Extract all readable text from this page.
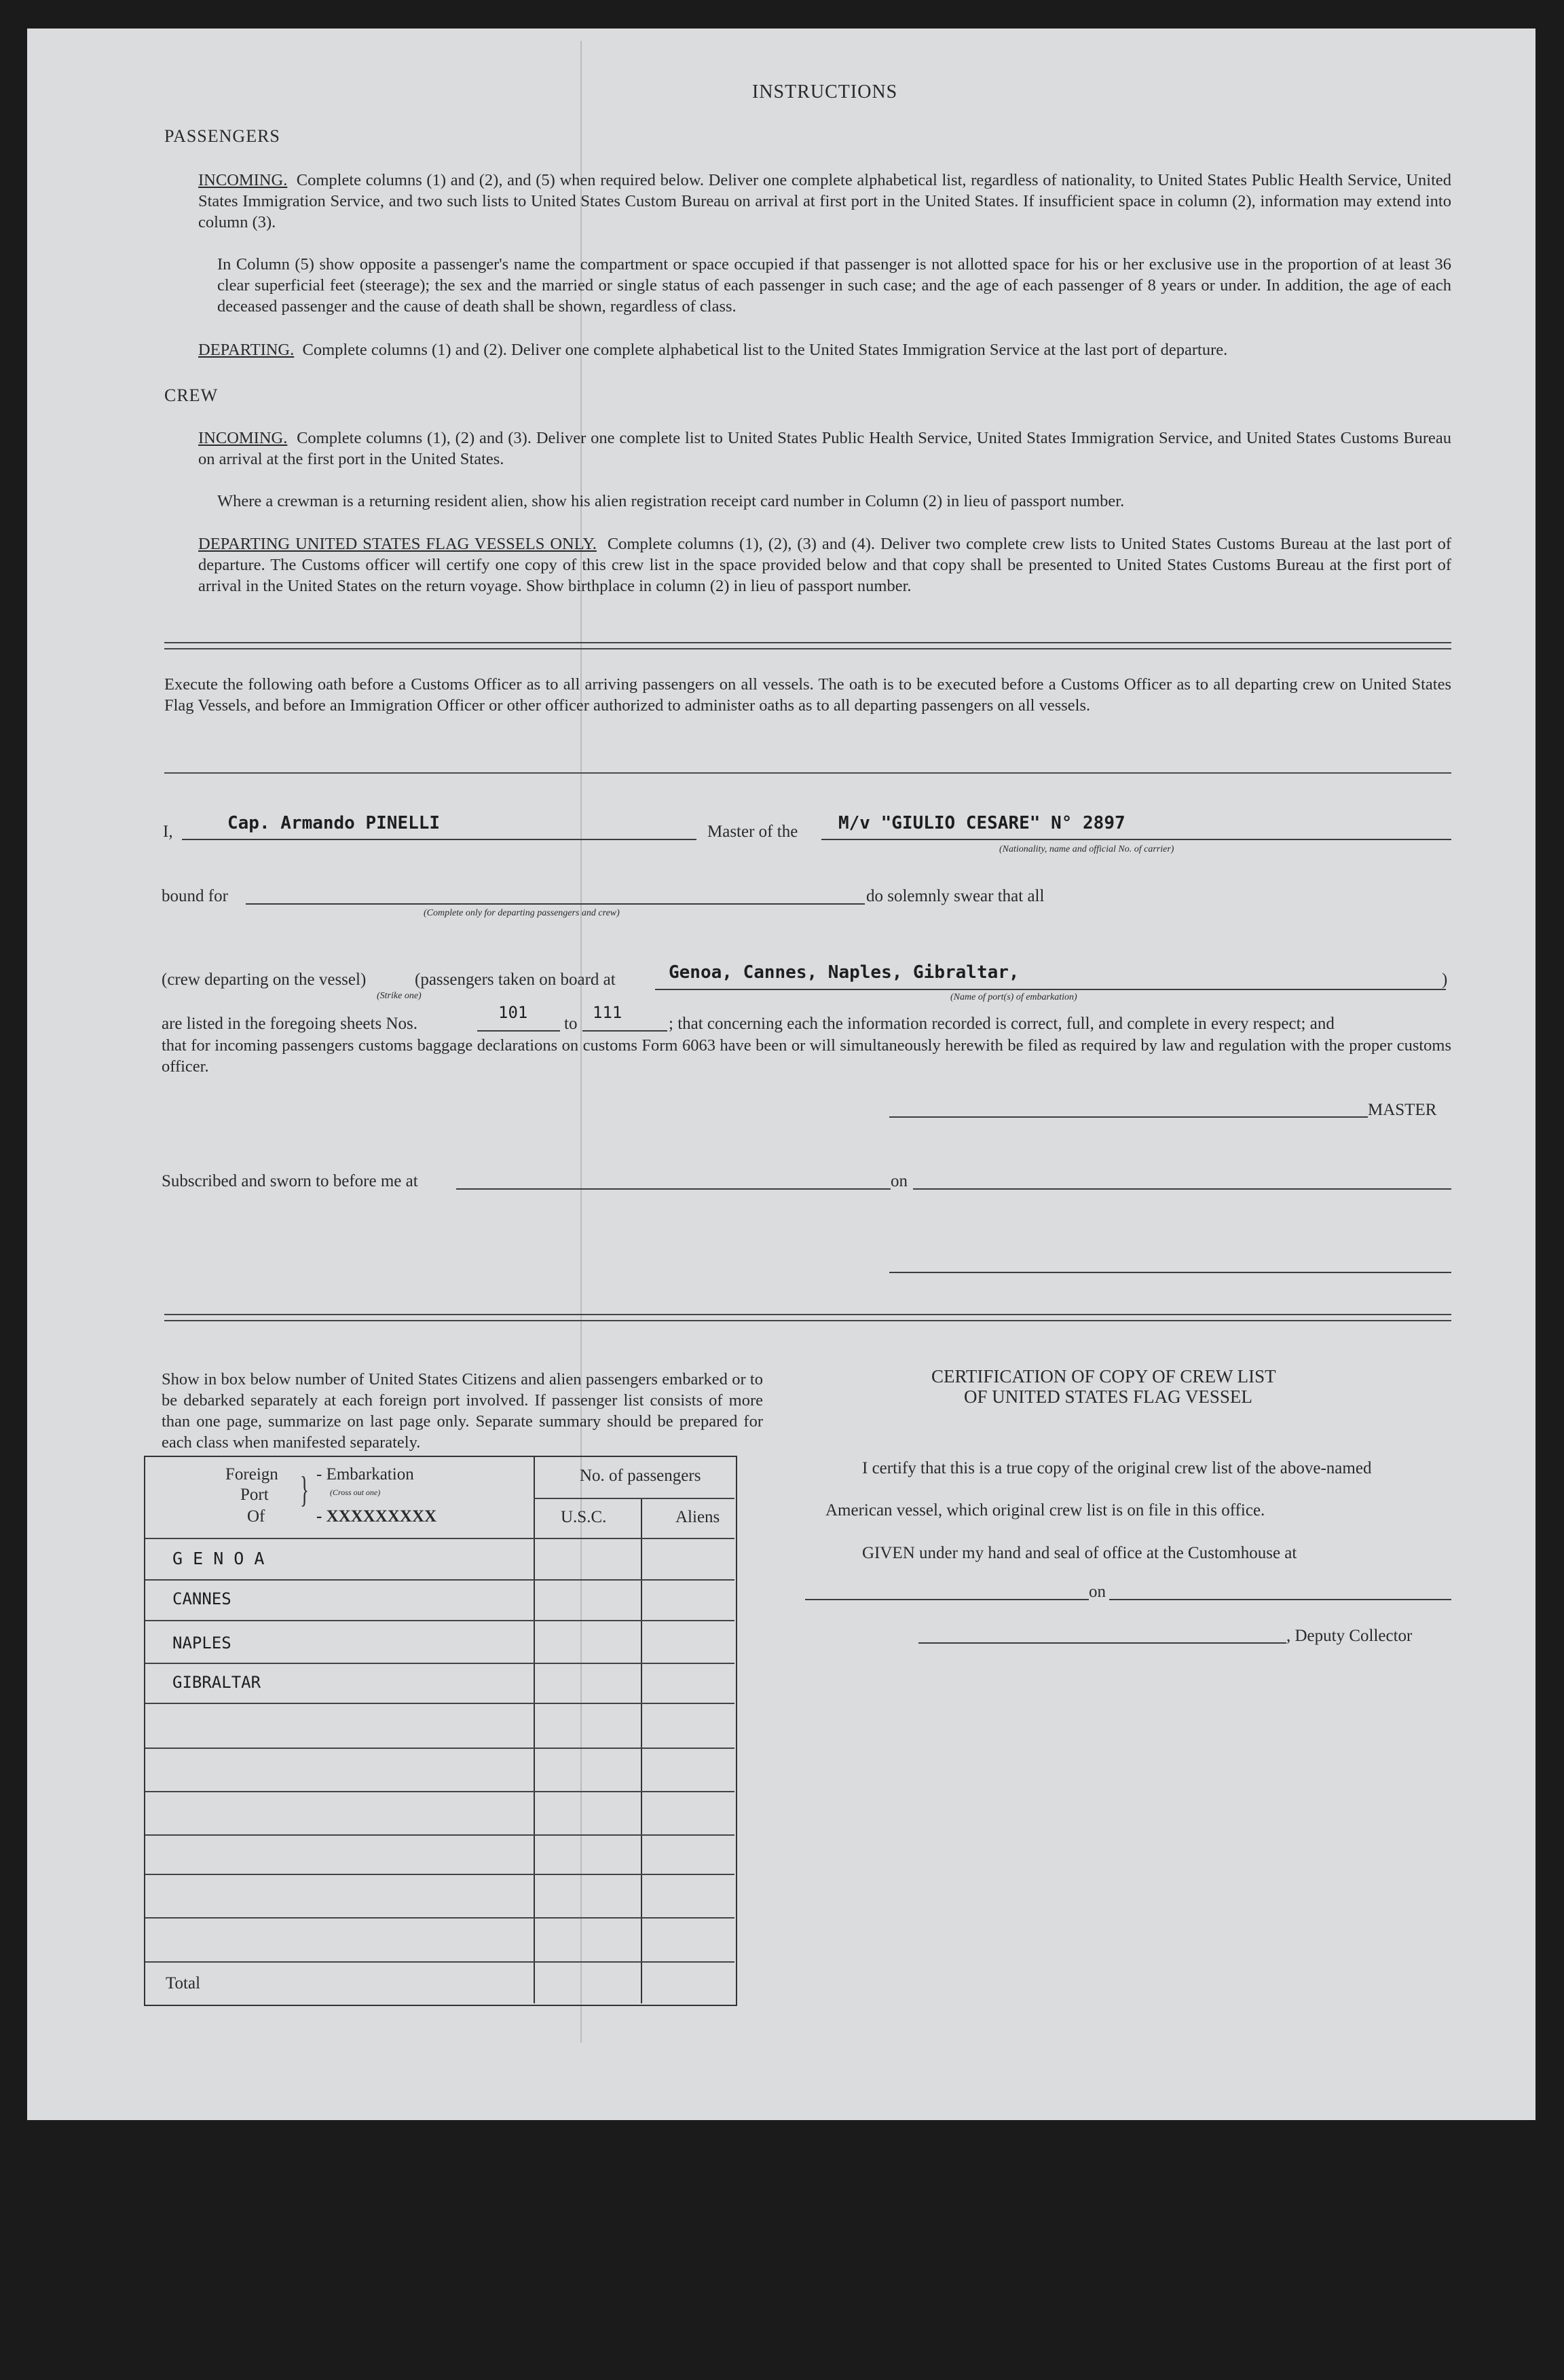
INSTRUCTIONS
PASSENGERS
INCOMING. Complete columns (1) and (2), and (5) when required below. Deliver one complete alphabetical list, regardless of nationality, to United States Public Health Service, United States Immigration Service, and two such lists to United States Custom Bureau on arrival at first port in the United States. If insufficient space in column (2), information may extend into column (3).
In Column (5) show opposite a passenger's name the compartment or space occupied if that passenger is not allotted space for his or her exclusive use in the proportion of at least 36 clear superficial feet (steerage); the sex and the married or single status of each passenger in such case; and the age of each passenger of 8 years or under. In addition, the age of each deceased passenger and the cause of death shall be shown, regardless of class.
DEPARTING. Complete columns (1) and (2). Deliver one complete alphabetical list to the United States Immigration Service at the last port of departure.
CREW
INCOMING. Complete columns (1), (2) and (3). Deliver one complete list to United States Public Health Service, United States Immigration Service, and United States Customs Bureau on arrival at the first port in the United States.
Where a crewman is a returning resident alien, show his alien registration receipt card number in Column (2) in lieu of passport number.
DEPARTING UNITED STATES FLAG VESSELS ONLY. Complete columns (1), (2), (3) and (4). Deliver two complete crew lists to United States Customs Bureau at the last port of departure. The Customs officer will certify one copy of this crew list in the space provided below and that copy shall be presented to United States Customs Bureau at the first port of arrival in the United States on the return voyage. Show birthplace in column (2) in lieu of passport number.
Execute the following oath before a Customs Officer as to all arriving passengers on all vessels. The oath is to be executed before a Customs Officer as to all departing crew on United States Flag Vessels, and before an Immigration Officer or other officer authorized to administer oaths as to all departing passengers on all vessels.
I,	Cap. Armando PINELLI	Master of the M/v "GIULIO CESARE" N° 2897
(Nationality, name and official No. of carrier)
bound for	do solemnly swear that all
(Complete only for departing passengers and crew)
(crew departing on the vessel)	(passengers taken on board at
(Strike one)
Genoa, Cannes, Naples, Gibraltar,	)
(Name of port(s) of embarkation)
are listed in the foregoing sheets Nos.
101
to
111
; that concerning each the information recorded is correct, full, and complete in every respect; and
that for incoming passengers customs baggage declarations on customs Form 6063 have been or will simultaneously herewith be filed as required by law and regulation with the proper customs officer.
MASTER
Subscribed and sworn to before me at	on
Show in box below number of United States Citizens and alien passengers embarked or to be debarked separately at each foreign port involved. If passenger list consists of more than one page, summarize on last page only. Separate summary should be prepared for each class when manifested separately.
Foreign
Port
Of
} - Embarkation
(Cross out one)
- XXXXXXXXX
No. of passengers
U.S.C.	Aliens
G E N O A
CANNES
NAPLES
GIBRALTAR
Total
CERTIFICATION OF COPY OF CREW LIST
OF UNITED STATES FLAG VESSEL
I certify that this is a true copy of the original crew list of the above-named
American vessel, which original crew list is on file in this office.
GIVEN under my hand and seal of office at the Customhouse at
on
, Deputy Collector
